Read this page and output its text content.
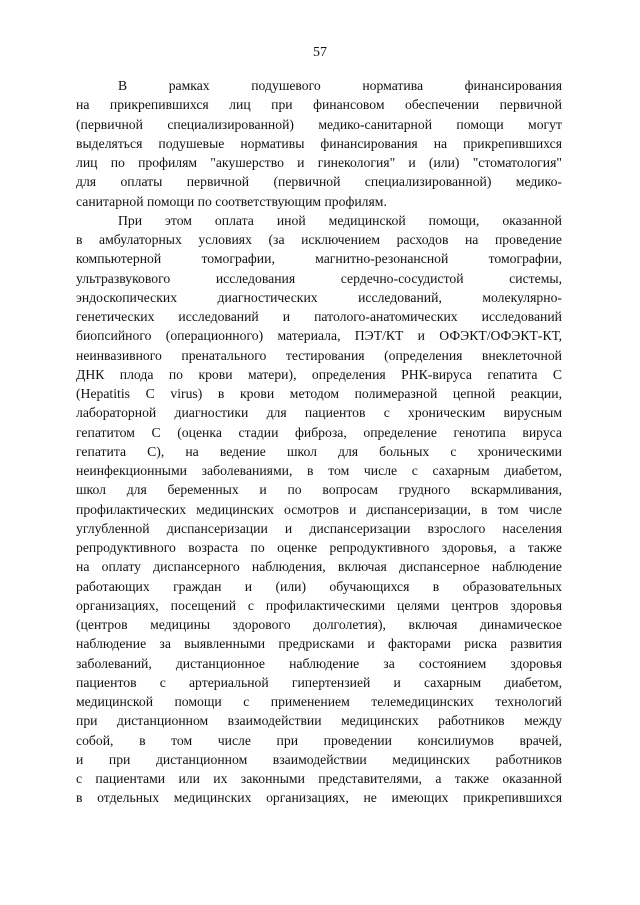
57
В рамках подушевого норматива финансирования
на прикрепившихся лиц при финансовом обеспечении первичной
(первичной специализированной) медико-санитарной помощи могут
выделяться подушевые нормативы финансирования на прикрепившихся
лиц по профилям "акушерство и гинекология" и (или) "стоматология"
для оплаты первичной (первичной специализированной) медико-
санитарной помощи по соответствующим профилям.
При этом оплата иной медицинской помощи, оказанной
в амбулаторных условиях (за исключением расходов на проведение
компьютерной томографии, магнитно-резонансной томографии,
ультразвукового исследования сердечно-сосудистой системы,
эндоскопических диагностических исследований, молекулярно-
генетических исследований и патолого-анатомических исследований
биопсийного (операционного) материала, ПЭТ/КТ и ОФЭКТ/ОФЭКТ-КТ,
неинвазивного пренатального тестирования (определения внеклеточной
ДНК плода по крови матери), определения РНК-вируса гепатита С
(Hepatitis C virus) в крови методом полимеразной цепной реакции,
лабораторной диагностики для пациентов с хроническим вирусным
гепатитом С (оценка стадии фиброза, определение генотипа вируса
гепатита С), на ведение школ для больных с хроническими
неинфекционными заболеваниями, в том числе с сахарным диабетом,
школ для беременных и по вопросам грудного вскармливания,
профилактических медицинских осмотров и диспансеризации, в том числе
углубленной диспансеризации и диспансеризации взрослого населения
репродуктивного возраста по оценке репродуктивного здоровья, а также
на оплату диспансерного наблюдения, включая диспансерное наблюдение
работающих граждан и (или) обучающихся в образовательных
организациях, посещений с профилактическими целями центров здоровья
(центров медицины здорового долголетия), включая динамическое
наблюдение за выявленными предрисками и факторами риска развития
заболеваний, дистанционное наблюдение за состоянием здоровья
пациентов с артериальной гипертензией и сахарным диабетом,
медицинской помощи с применением телемедицинских технологий
при дистанционном взаимодействии медицинских работников между
собой, в том числе при проведении консилиумов врачей,
и при дистанционном взаимодействии медицинских работников
с пациентами или их законными представителями, а также оказанной
в отдельных медицинских организациях, не имеющих прикрепившихся
